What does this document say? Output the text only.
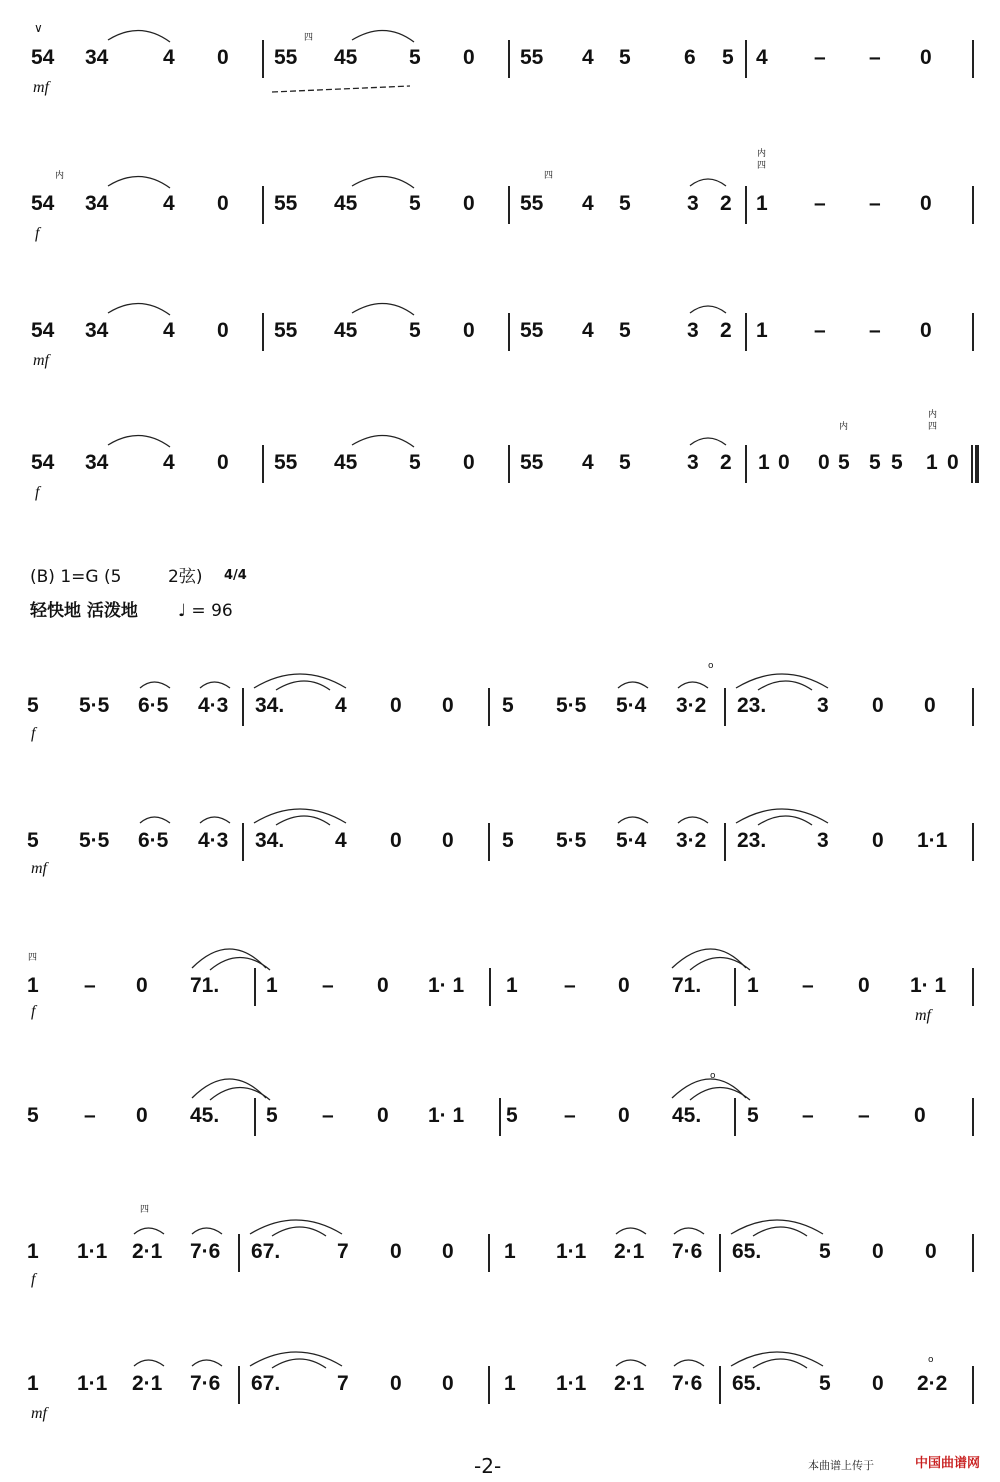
∨
54 34	4 0
四
55 45 5 0 55 4 5	6 5 4 – – 0
mf
内
54 34	4 0 55 45 5 0
四
55 4 5	3 2
内
四
1 – – 0
f
54 34	4 0 55 45 5 0 55 4 5	3 2 1 – – 0
mf
54 34	4 0 55 45 5 0 55 4 5	3 2 1 0 0
内
5 5 5
内
四
1 0
f
(B) 1=G (5	2弦) 4/4
轻快地 活泼地 ♩ = 96
5 5·5 6·5 4·3 34. 4 0 0 5 5·5 5·4
o
3·2 23. 3 0 0
f
5 5·5 6·5 4·3 34. 4 0 0 5 5·5 5·4 3·2 23. 3 0 1·1
mf
四
1 – 0 71. 1 – 0 1· 1 1 – 0 71. 1 – 0 1· 1
f	mf
5 – 0 45. 5 – 0 1· 1 5 – 0
o
45. 5 – – 0
1 1·1
四
2·1 7·6 67.	7 0 0 1 1·1 2·1 7·6 65.	5 0 0
f
1 1·1 2·1 7·6 67.	7 0 0 1 1·1 2·1 7·6 65.	5 0
o
2·2
mf
-2-	本曲谱上传于	中国曲谱网
